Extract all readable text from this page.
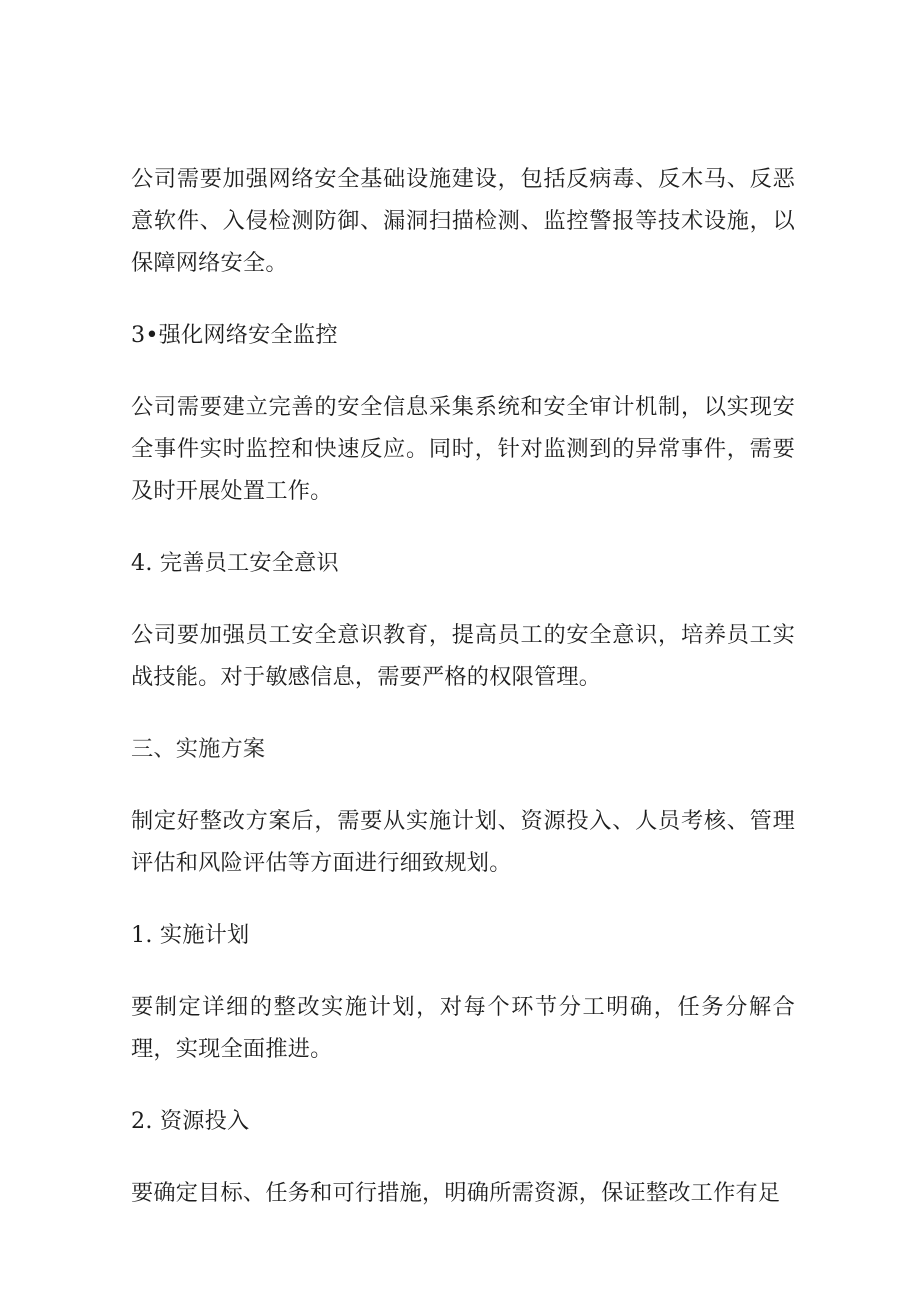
公司需要加强网络安全基础设施建设，包括反病毒、反木马、反恶意软件、入侵检测防御、漏洞扫描检测、监控警报等技术设施，以保障网络安全。

3•强化网络安全监控

公司需要建立完善的安全信息采集系统和安全审计机制，以实现安全事件实时监控和快速反应。同时，针对监测到的异常事件，需要及时开展处置工作。

4. 完善员工安全意识

公司要加强员工安全意识教育，提高员工的安全意识，培养员工实战技能。对于敏感信息，需要严格的权限管理。

三、实施方案

制定好整改方案后，需要从实施计划、资源投入、人员考核、管理评估和风险评估等方面进行细致规划。

1. 实施计划

要制定详细的整改实施计划，对每个环节分工明确，任务分解合理，实现全面推进。

2. 资源投入

要确定目标、任务和可行措施，明确所需资源，保证整改工作有足
